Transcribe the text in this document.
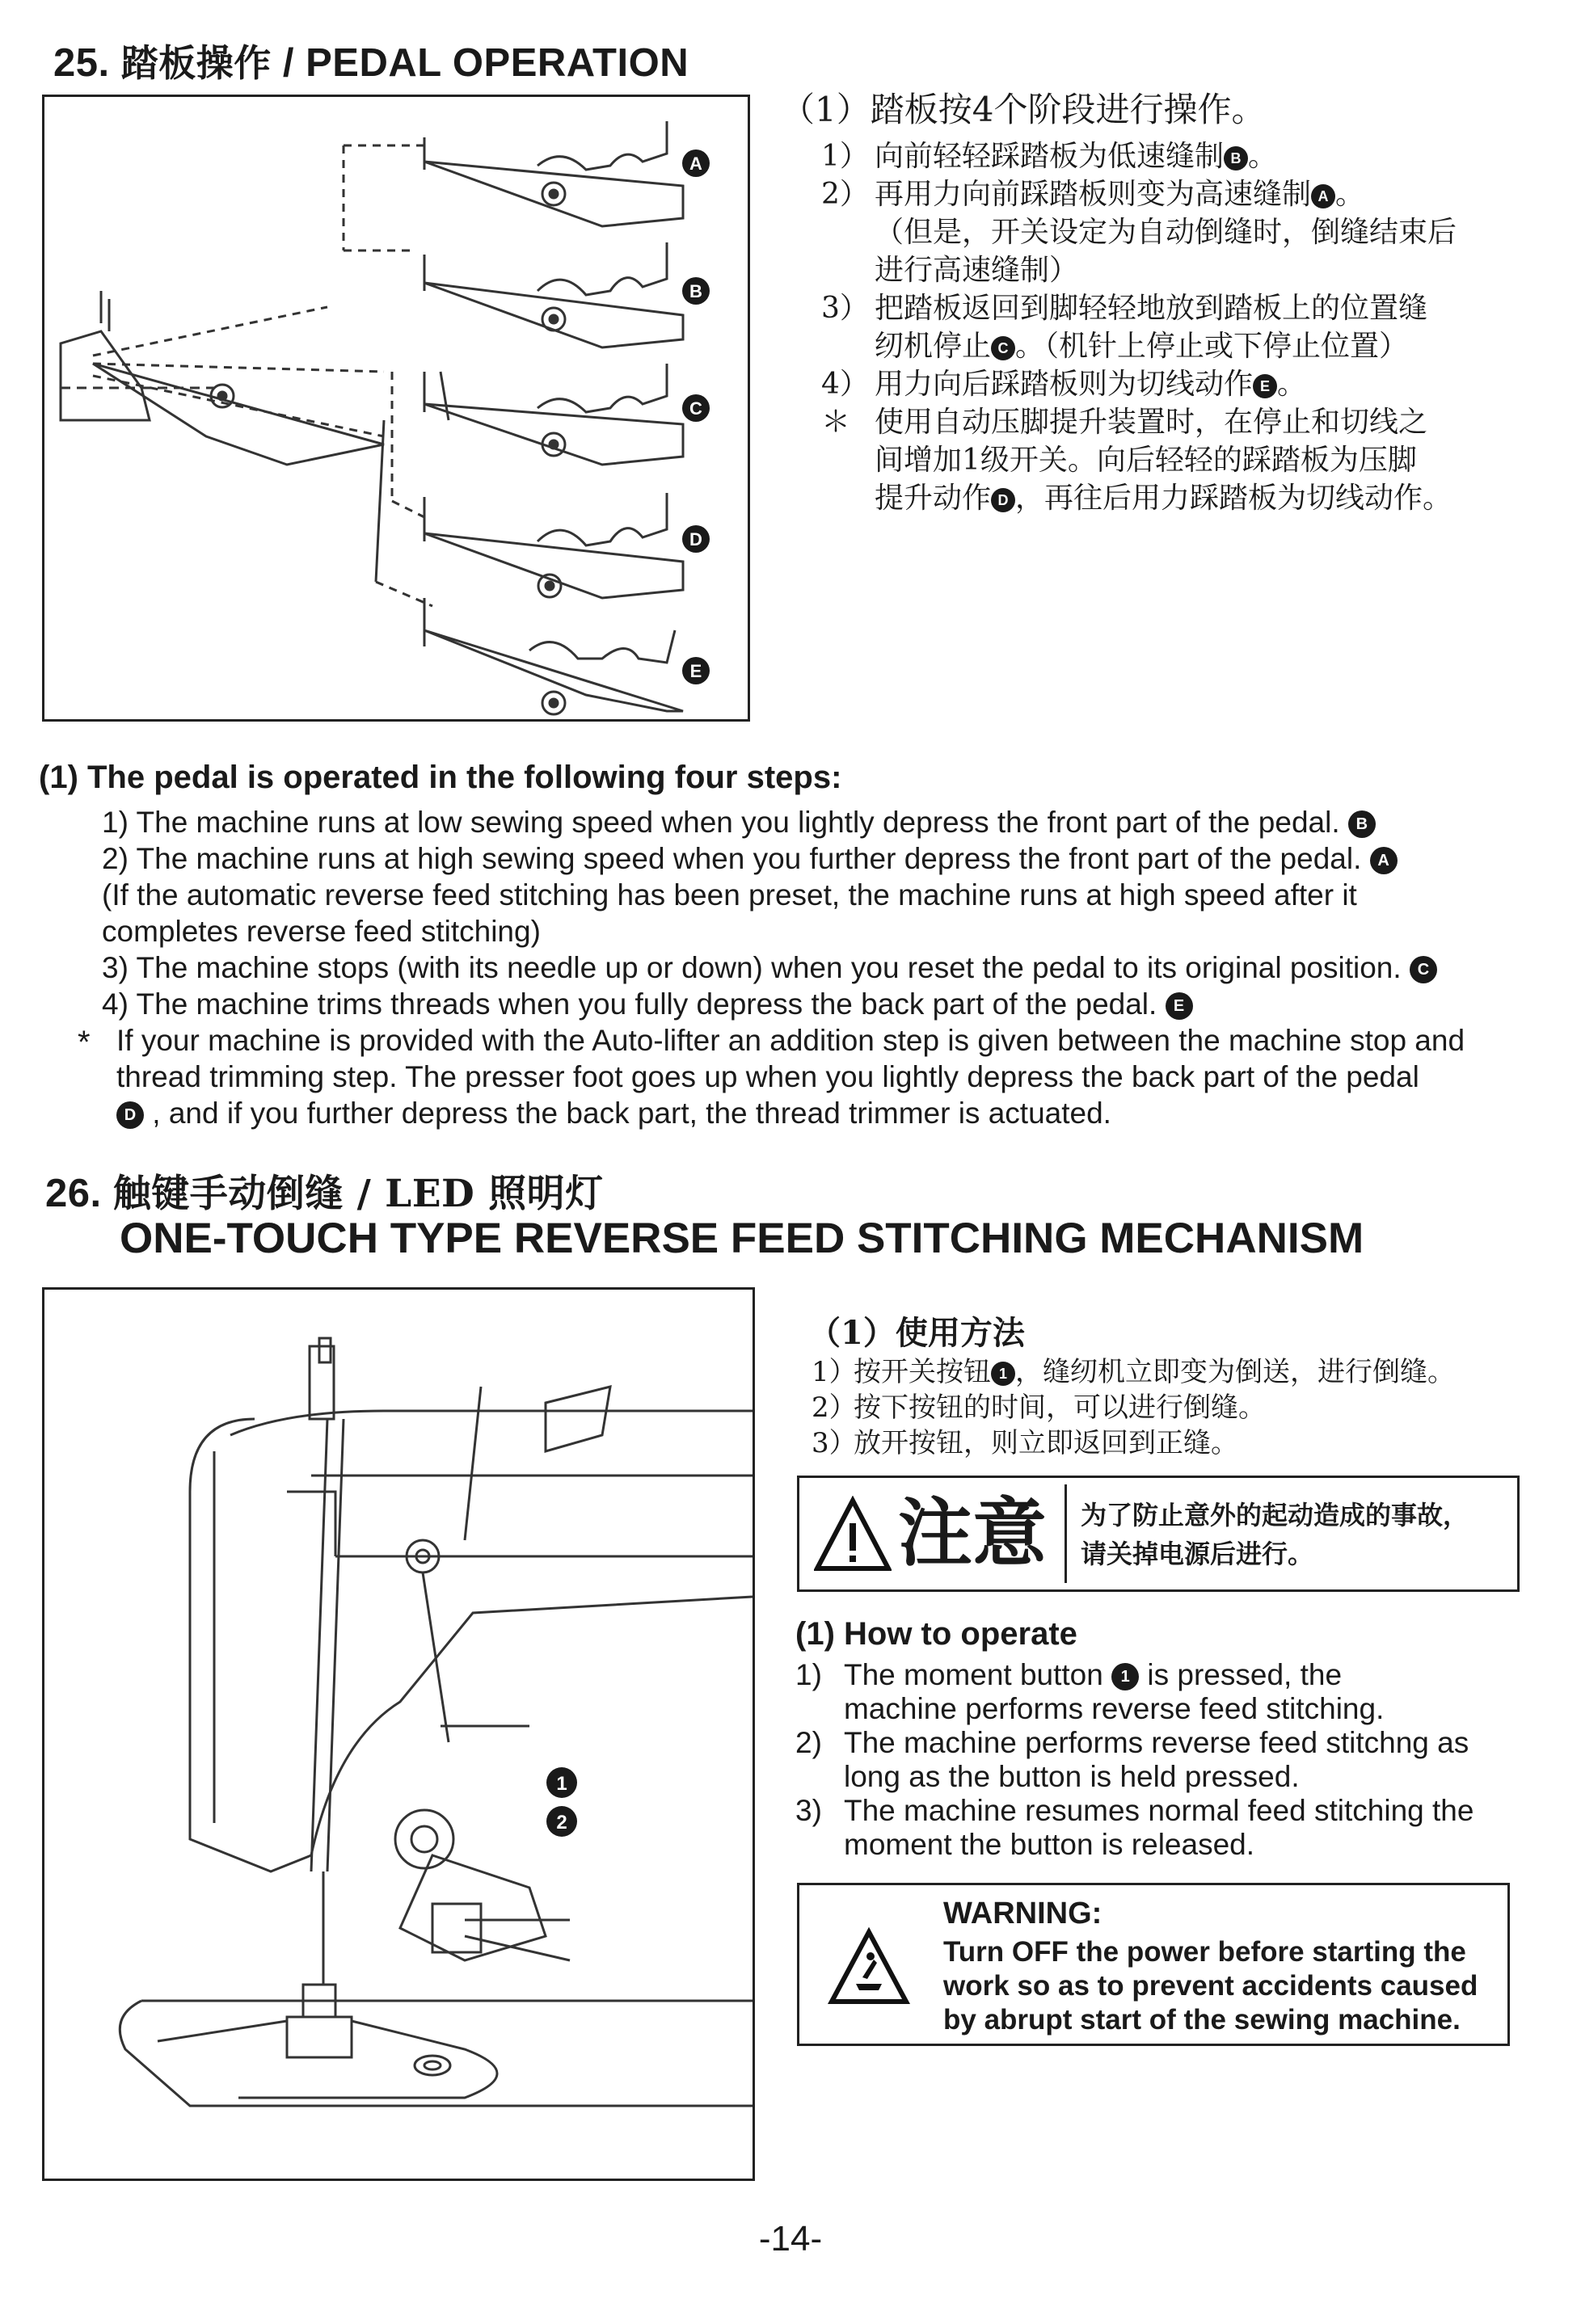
25. 踏板操作 / PEDAL OPERATION
A
B
C
D
E
（1）踏板按4个阶段进行操作。
1） 向前轻轻踩踏板为低速缝制 B 。
2） 再用力向前踩踏板则变为高速缝制 A 。
（但是，开关设定为自动倒缝时，倒缝结束后
进行高速缝制）
3） 把踏板返回到脚轻轻地放到踏板上的位置缝
纫机停止 C 。（机针上停止或下停止位置）
4） 用力向后踩踏板则为切线动作 E 。
＊ 使用自动压脚提升装置时，在停止和切线之
间增加1级开关。向后轻轻的踩踏板为压脚
提升动作 D ，再往后用力踩踏板为切线动作。
(1) The pedal is operated in the following four steps:
1) The machine runs at low sewing speed when you lightly depress the front part of the pedal. B
2) The machine runs at high sewing speed when you further depress the front part of the pedal. A
(If the automatic reverse feed stitching has been preset, the machine runs at high speed after it
completes reverse feed stitching)
3) The machine stops (with its needle up or down) when you reset the pedal to its original position. C
4) The machine trims threads when you fully depress the back part of the pedal. E
* If your machine is provided with the Auto-lifter an addition step is given between the machine stop and
thread trimming step. The presser foot goes up when you lightly depress the back part of the pedal
D , and if you further depress the back part, the thread trimmer is actuated.
26. 触键手动倒缝 / LED 照明灯
ONE-TOUCH TYPE REVERSE FEED STITCHING MECHANISM
1
2
（1）使用方法
1）按开关按钮 1 ，缝纫机立即变为倒送，进行倒缝。
2）按下按钮的时间，可以进行倒缝。
3）放开按钮，则立即返回到正缝。
注意 为了防止意外的起动造成的事故，
请关掉电源后进行。
(1) How to operate
1) The moment button 1 is pressed, the
machine performs reverse feed stitching.
2) The machine performs reverse feed stitchng as
long as the button is held pressed.
3) The machine resumes normal feed stitching the
moment the button is released.
WARNING:
Turn OFF the power before starting the
work so as to prevent accidents caused
by abrupt start of the sewing machine.
-14-
